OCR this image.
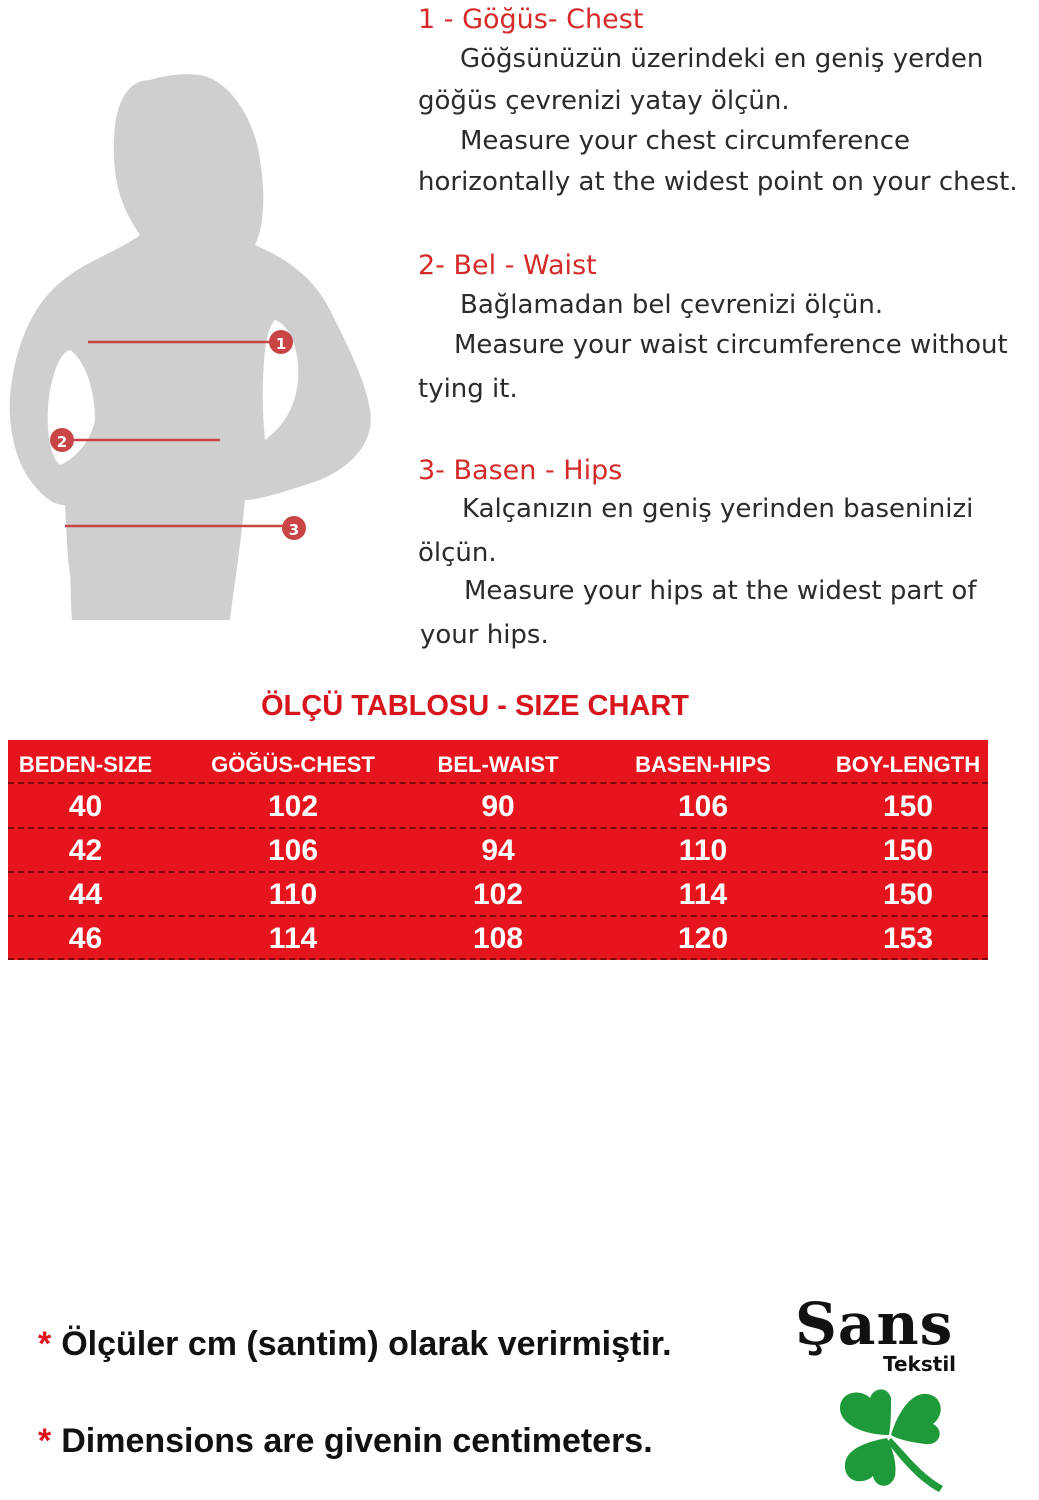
1
2
3
1 - Göğüs- Chest
Göğsünüzün üzerindeki en geniş yerden
göğüs çevrenizi yatay ölçün.
Measure your chest circumference
horizontally at the widest point on your chest.
2- Bel - Waist
Bağlamadan bel çevrenizi ölçün.
Measure your waist circumference without
tying it.
3- Basen - Hips
Kalçanızın en geniş yerinden baseninizi
ölçün.
Measure your hips at the widest part of
your hips.
ÖLÇÜ TABLOSU - SIZE CHART
BEDEN-SIZE	GÖĞÜS-CHEST	BEL-WAIST	BASEN-HIPS	BOY-LENGTH
40	102	90	106	150
42	106	94	110	150
44	110	102	114	150
46	114	108	120	153
* Ölçüler cm (santim) olarak verirmiştir.
* Dimensions are givenin centimeters.
Şans
Tekstil
